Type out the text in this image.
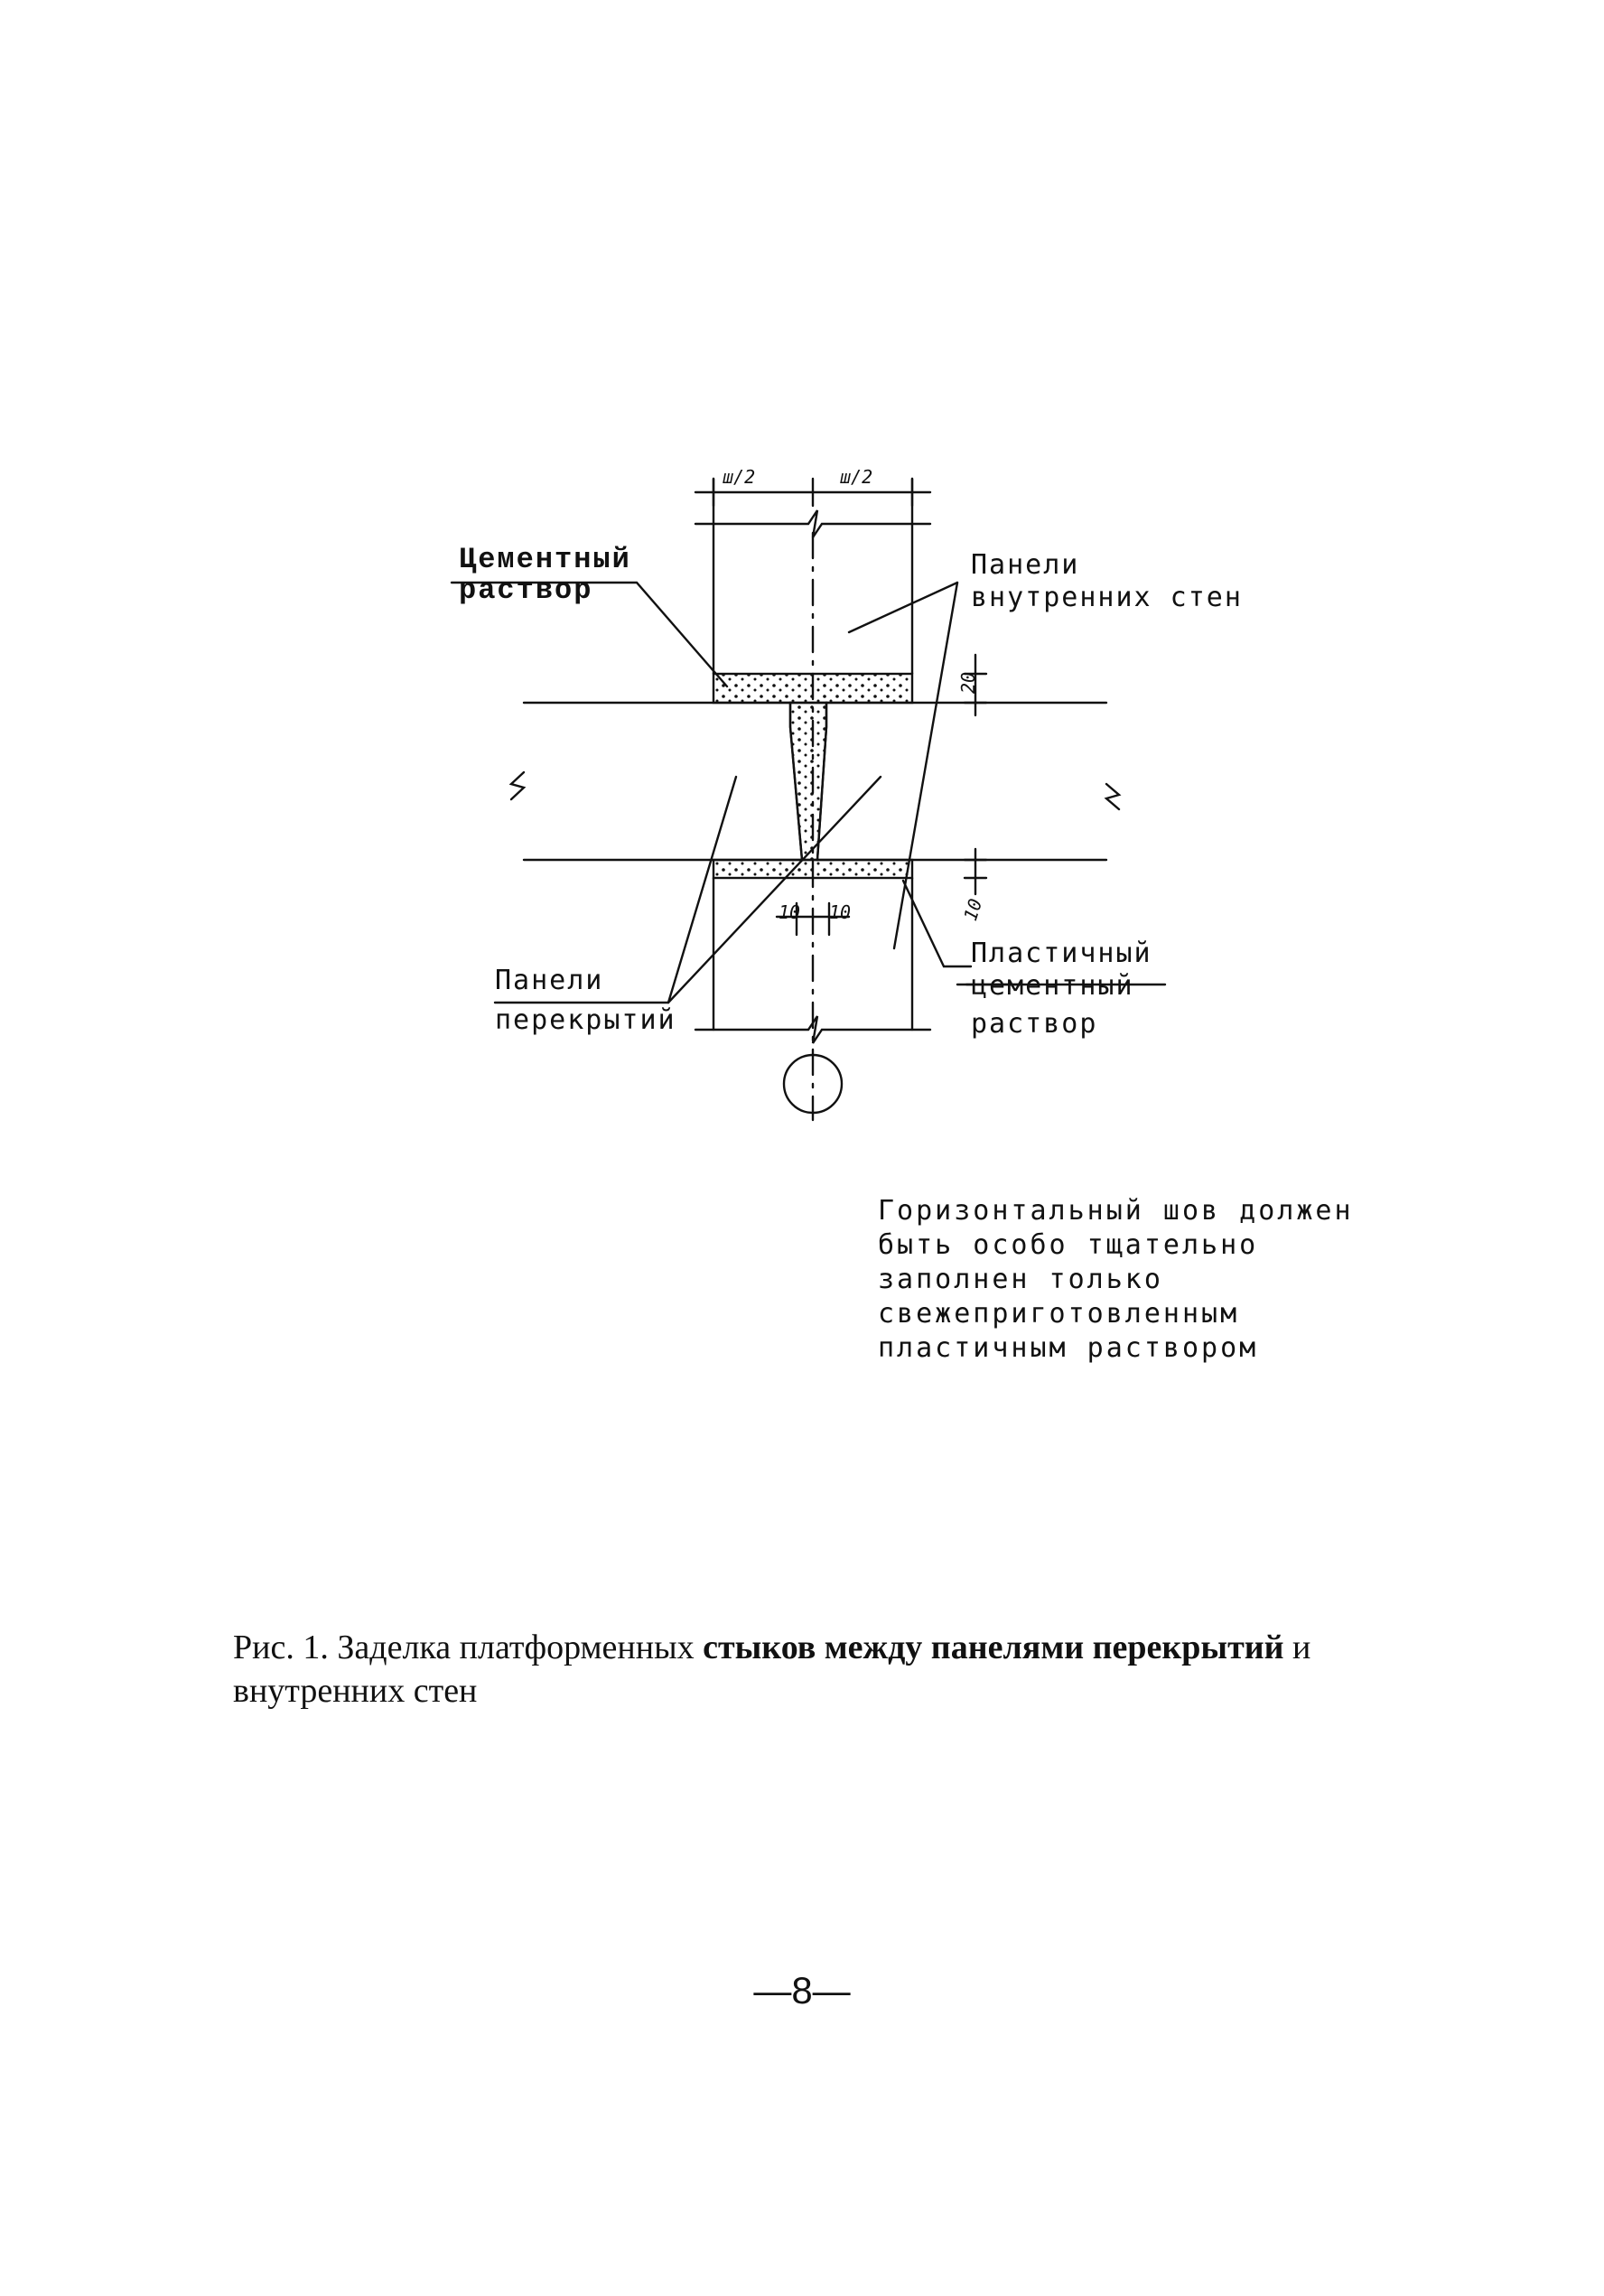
ш/2	ш/2
20
10
10 10
Цементный
раствор
Панели
внутренних стен
Панели
перекрытий
Пластичный
цементный
раствор
Горизонтальный шов должен
быть особо тщательно
заполнен только
свежеприготовленным
пластичным раствором
Рис. 1. Заделка платформенных стыков между панелями перекрытий и внутренних стен
—8—
